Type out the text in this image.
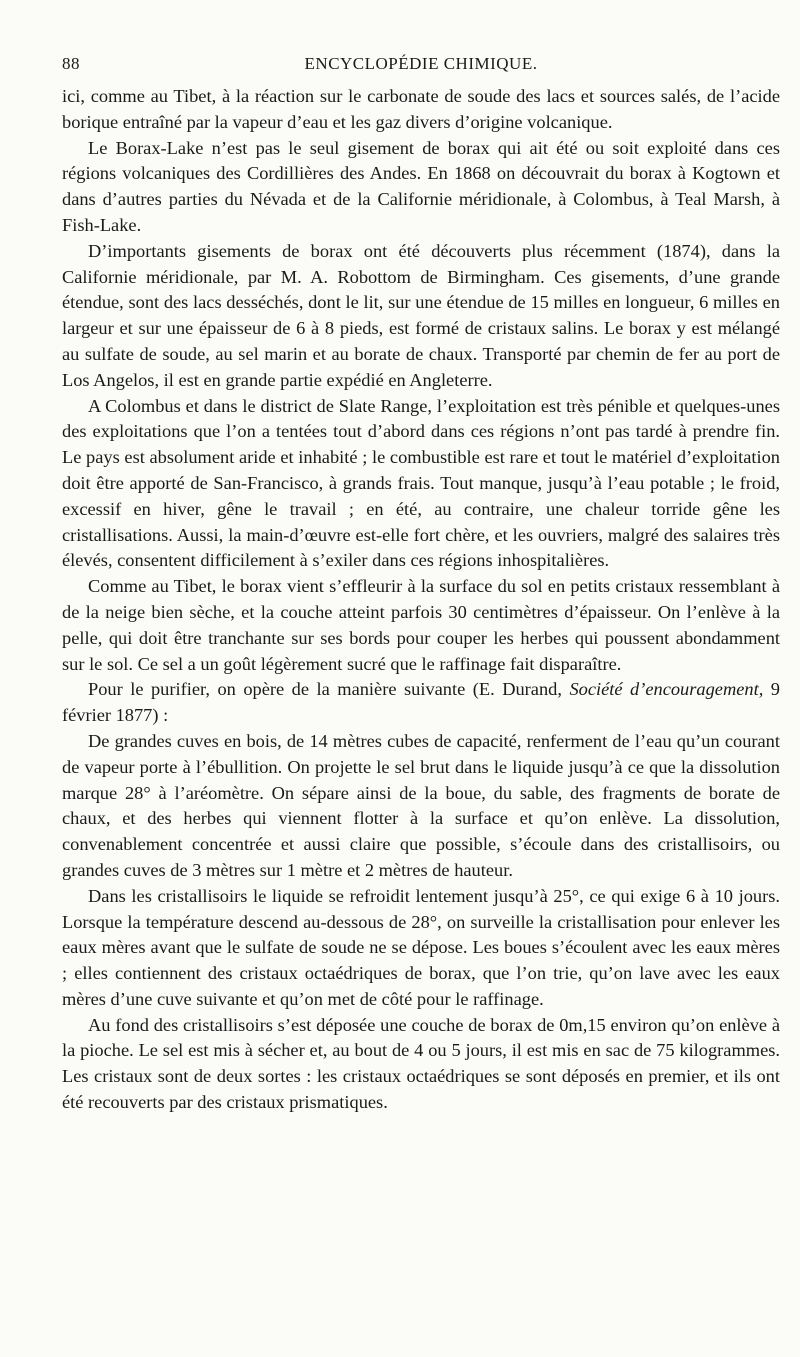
88	ENCYCLOPÉDIE CHIMIQUE.

ici, comme au Tibet, à la réaction sur le carbonate de soude des lacs et sources salés, de l’acide borique entraîné par la vapeur d’eau et les gaz divers d’origine volcanique.

Le Borax-Lake n’est pas le seul gisement de borax qui ait été ou soit exploité dans ces régions volcaniques des Cordillières des Andes. En 1868 on découvrait du borax à Kogtown et dans d’autres parties du Névada et de la Californie méridionale, à Colombus, à Teal Marsh, à Fish-Lake.

D’importants gisements de borax ont été découverts plus récemment (1874), dans la Californie méridionale, par M. A. Robottom de Birmingham. Ces gisements, d’une grande étendue, sont des lacs desséchés, dont le lit, sur une étendue de 15 milles en longueur, 6 milles en largeur et sur une épaisseur de 6 à 8 pieds, est formé de cristaux salins. Le borax y est mélangé au sulfate de soude, au sel marin et au borate de chaux. Transporté par chemin de fer au port de Los Angelos, il est en grande partie expédié en Angleterre.

A Colombus et dans le district de Slate Range, l’exploitation est très pénible et quelques-unes des exploitations que l’on a tentées tout d’abord dans ces régions n’ont pas tardé à prendre fin. Le pays est absolument aride et inhabité ; le combustible est rare et tout le matériel d’exploitation doit être apporté de San-Francisco, à grands frais. Tout manque, jusqu’à l’eau potable ; le froid, excessif en hiver, gêne le travail ; en été, au contraire, une chaleur torride gêne les cristallisations. Aussi, la main-d’œuvre est-elle fort chère, et les ouvriers, malgré des salaires très élevés, consentent difficilement à s’exiler dans ces régions inhospitalières.

Comme au Tibet, le borax vient s’effleurir à la surface du sol en petits cristaux ressemblant à de la neige bien sèche, et la couche atteint parfois 30 centimètres d’épaisseur. On l’enlève à la pelle, qui doit être tranchante sur ses bords pour couper les herbes qui poussent abondamment sur le sol. Ce sel a un goût légèrement sucré que le raffinage fait disparaître.

Pour le purifier, on opère de la manière suivante (E. Durand, Société d’encouragement, 9 février 1877) :

De grandes cuves en bois, de 14 mètres cubes de capacité, renferment de l’eau qu’un courant de vapeur porte à l’ébullition. On projette le sel brut dans le liquide jusqu’à ce que la dissolution marque 28° à l’aréomètre. On sépare ainsi de la boue, du sable, des fragments de borate de chaux, et des herbes qui viennent flotter à la surface et qu’on enlève. La dissolution, convenablement concentrée et aussi claire que possible, s’écoule dans des cristallisoirs, ou grandes cuves de 3 mètres sur 1 mètre et 2 mètres de hauteur.

Dans les cristallisoirs le liquide se refroidit lentement jusqu’à 25°, ce qui exige 6 à 10 jours. Lorsque la température descend au-dessous de 28°, on surveille la cristallisation pour enlever les eaux mères avant que le sulfate de soude ne se dépose. Les boues s’écoulent avec les eaux mères ; elles contiennent des cristaux octaédriques de borax, que l’on trie, qu’on lave avec les eaux mères d’une cuve suivante et qu’on met de côté pour le raffinage.

Au fond des cristallisoirs s’est déposée une couche de borax de 0m,15 environ qu’on enlève à la pioche. Le sel est mis à sécher et, au bout de 4 ou 5 jours, il est mis en sac de 75 kilogrammes. Les cristaux sont de deux sortes : les cristaux octaédriques se sont déposés en premier, et ils ont été recouverts par des cristaux prismatiques.
